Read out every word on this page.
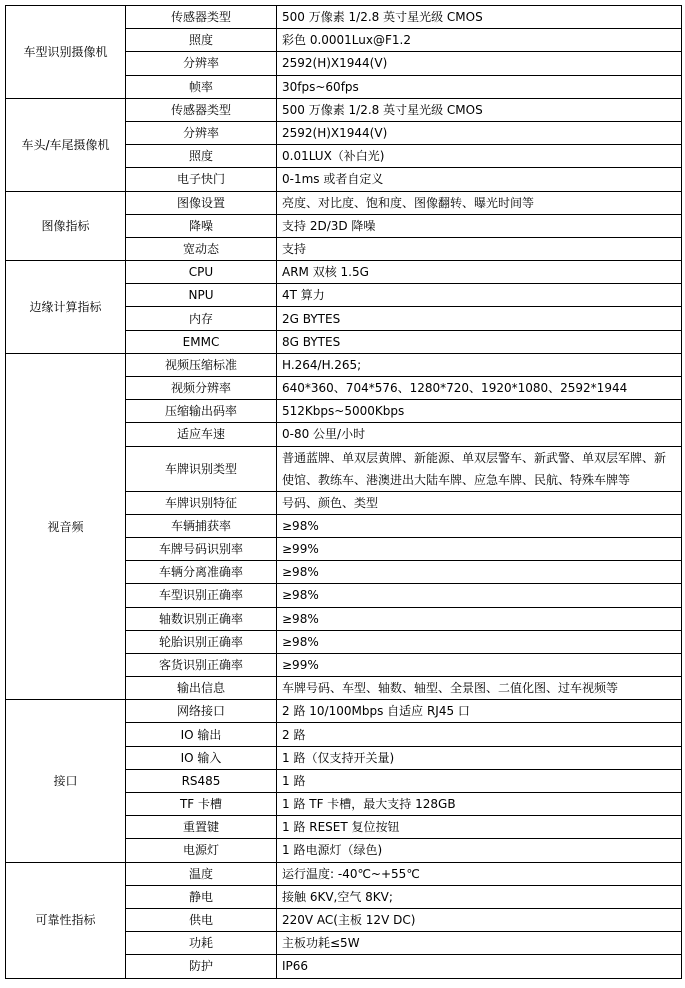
车型识别摄像机	传感器类型	500 万像素 1/2.8 英寸星光级 CMOS
	照度	彩色 0.0001Lux@F1.2
	分辨率	2592(H)X1944(V)
	帧率	30fps~60fps
车头/车尾摄像机	传感器类型	500 万像素 1/2.8 英寸星光级 CMOS
	分辨率	2592(H)X1944(V)
	照度	0.01LUX（补白光)
	电子快门	0-1ms 或者自定义
图像指标	图像设置	亮度、对比度、饱和度、图像翻转、曝光时间等
	降噪	支持 2D/3D 降噪
	宽动态	支持
边缘计算指标	CPU	ARM 双核 1.5G
	NPU	4T 算力
	内存	2G BYTES
	EMMC	8G BYTES
视音频	视频压缩标准	H.264/H.265;
	视频分辨率	640*360、704*576、1280*720、1920*1080、2592*1944
	压缩输出码率	512Kbps~5000Kbps
	适应车速	0-80 公里/小时
	车牌识别类型	普通蓝牌、单双层黄牌、新能源、单双层警车、新武警、单双层军牌、新使馆、教练车、港澳进出大陆车牌、应急车牌、民航、特殊车牌等
	车牌识别特征	号码、颜色、类型
	车辆捕获率	≥98%
	车牌号码识别率	≥99%
	车辆分离准确率	≥98%
	车型识别正确率	≥98%
	轴数识别正确率	≥98%
	轮胎识别正确率	≥98%
	客货识别正确率	≥99%
	输出信息	车牌号码、车型、轴数、轴型、全景图、二值化图、过车视频等
接口	网络接口	2 路 10/100Mbps 自适应 RJ45 口
	IO 输出	2 路
	IO 输入	1 路（仅支持开关量)
	RS485	1 路
	TF 卡槽	1 路 TF 卡槽，最大支持 128GB
	重置键	1 路 RESET 复位按钮
	电源灯	1 路电源灯（绿色)
可靠性指标	温度	运行温度: -40℃~+55℃
	静电	接触 6KV,空气 8KV;
	供电	220V AC(主板 12V DC)
	功耗	主板功耗≤5W
	防护	IP66
